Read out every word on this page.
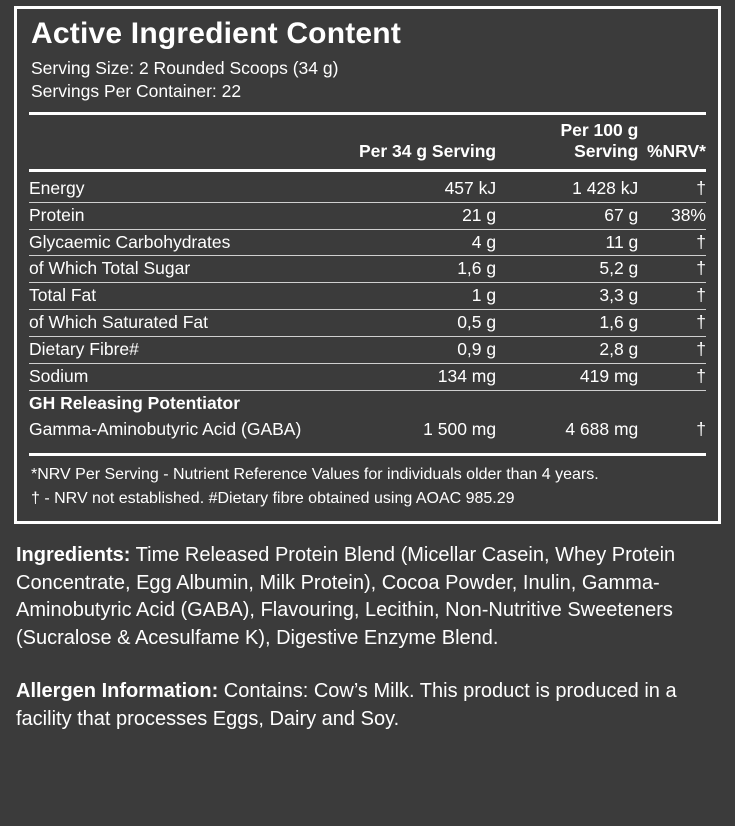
Active Ingredient Content
Serving Size: 2 Rounded Scoops (34 g)
Servings Per Container: 22
	Per 34 g Serving	Per 100 g Serving	%NRV*

Energy	457 kJ	1 428 kJ	†

Protein	21 g	67 g	38%

Glycaemic Carbohydrates	4 g	11 g	†

of Which Total Sugar	1,6 g	5,2 g	†

Total Fat	1 g	3,3 g	†

of Which Saturated Fat	0,5 g	1,6 g	†

Dietary Fibre#	0,9 g	2,8 g	†

Sodium	134 mg	419 mg	†

GH Releasing Potentiator			
Gamma-Aminobutyric Acid (GABA)	1 500 mg	4 688 mg	†
*NRV Per Serving - Nutrient Reference Values for individuals older than 4 years.
† - NRV not established. #Dietary fibre obtained using AOAC 985.29

Ingredients: Time Released Protein Blend (Micellar Casein, Whey Protein Concentrate, Egg Albumin, Milk Protein), Cocoa Powder, Inulin, Gamma-Aminobutyric Acid (GABA), Flavouring, Lecithin, Non-Nutritive Sweeteners (Sucralose & Acesulfame K), Digestive Enzyme Blend.

Allergen Information: Contains: Cow’s Milk. This product is produced in a facility that processes Eggs, Dairy and Soy.
